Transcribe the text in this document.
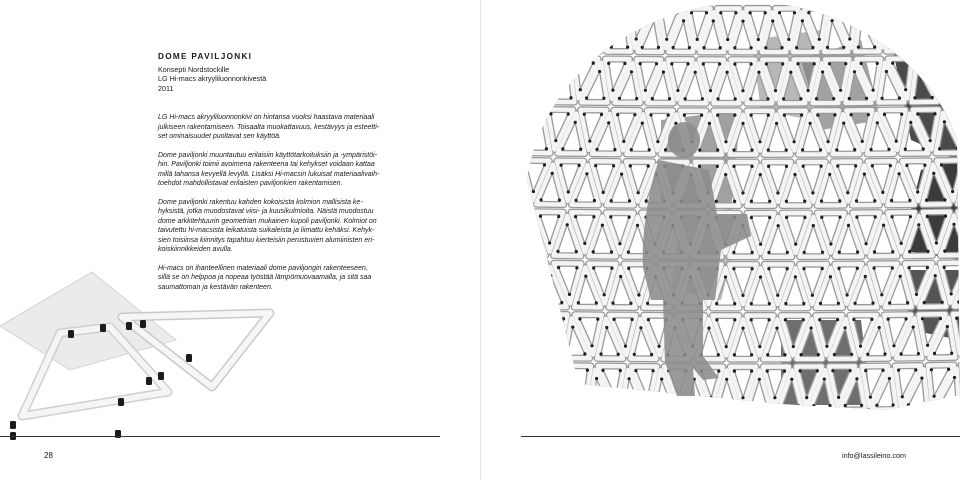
DOME PAVILJONKI
Konsepti Nordstockille
LG Hi-macs akryyliluonnonkivestä
2011

LG Hi-macs akryyliluonnonkivi on hintansa vuoksi haastava materiaali
julkiseen rakentamiseen. Toisaalta muokattavuus, kestävyys ja esteetti-
set ominaisuudet puoltavat sen käyttöä.

Dome paviljonki muuntautuu erilaisiin käyttötarkoituksiin ja -ympäristöi-
hin. Paviljonki toimii avoimena rakenteena tai kehykset voidaan kattaa
millä tahansa kevyellä levyllä. Lisäksi Hi-macsin lukuisat materiaalivaih-
toehdot mahdollistavat erilaisten paviljonkien rakentamisen.

Dome paviljonki rakentuu kahden kokoisista kolmion mallisista ke-
hyksistä, jotka muodostavat viisi- ja kuusikulmioita. Näistä muodostuu
dome arkkitehtuurin geometrian mukainen kupoli paviljonki. Kolmiot on
taivutettu hi-macsista leikatuista suikaleista ja liimattu kehäksi. Kehyk-
sien toisiinsa kiinnitys tapahtuu kierteisiin perustuvien alumiinisten eri-
koiskiinnikkeiden avulla.

Hi-macs on ihanteellinen materiaali dome paviljongin rakenteeseen,
sillä se on helppoa ja nopeaa työstää lämpömuovaamalla, ja sitä saa
saumattoman ja kestävän rakenteen.

28	info@lassileino.com
